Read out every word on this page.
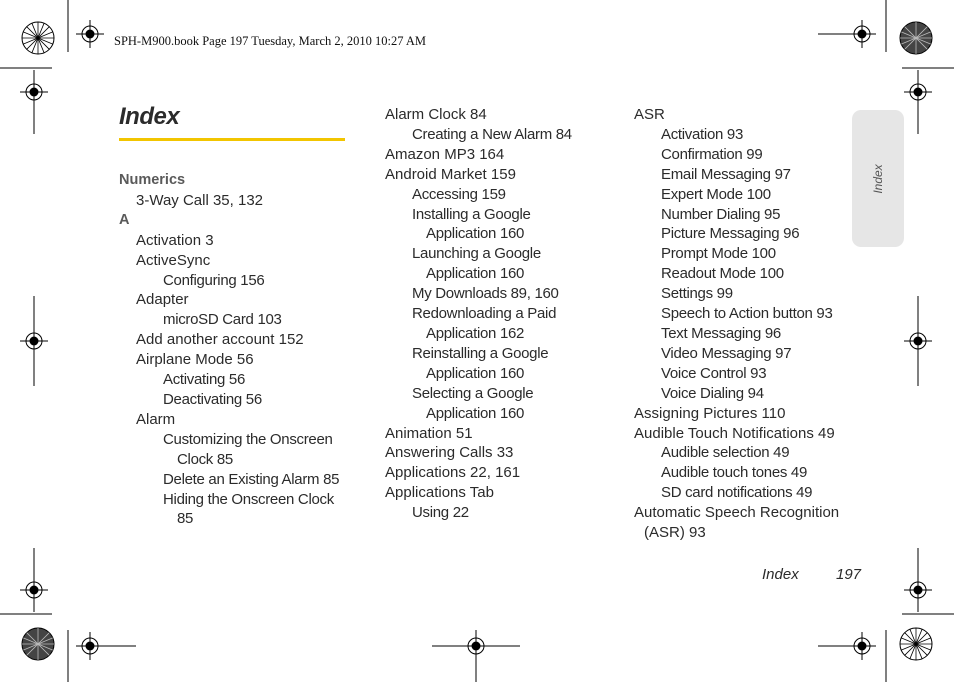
SPH-M900.book Page 197 Tuesday, March 2, 2010 10:27 AM
Index
Index
Numerics
3-Way Call 35, 132
A
Activation 3
ActiveSync
Configuring 156
Adapter
microSD Card 103
Add another account 152
Airplane Mode 56
Activating 56
Deactivating 56
Alarm
Customizing the Onscreen
Clock 85
Delete an Existing Alarm 85
Hiding the Onscreen Clock
85
Alarm Clock 84
Creating a New Alarm 84
Amazon MP3 164
Android Market 159
Accessing 159
Installing a Google
Application 160
Launching a Google
Application 160
My Downloads 89, 160
Redownloading a Paid
Application 162
Reinstalling a Google
Application 160
Selecting a Google
Application 160
Animation 51
Answering Calls 33
Applications 22, 161
Applications Tab
Using 22
ASR
Activation 93
Confirmation 99
Email Messaging 97
Expert Mode 100
Number Dialing 95
Picture Messaging 96
Prompt Mode 100
Readout Mode 100
Settings 99
Speech to Action button 93
Text Messaging 96
Video Messaging 97
Voice Control 93
Voice Dialing 94
Assigning Pictures 110
Audible Touch Notifications 49
Audible selection 49
Audible touch tones 49
SD card notifications 49
Automatic Speech Recognition
(ASR) 93
Index 197
